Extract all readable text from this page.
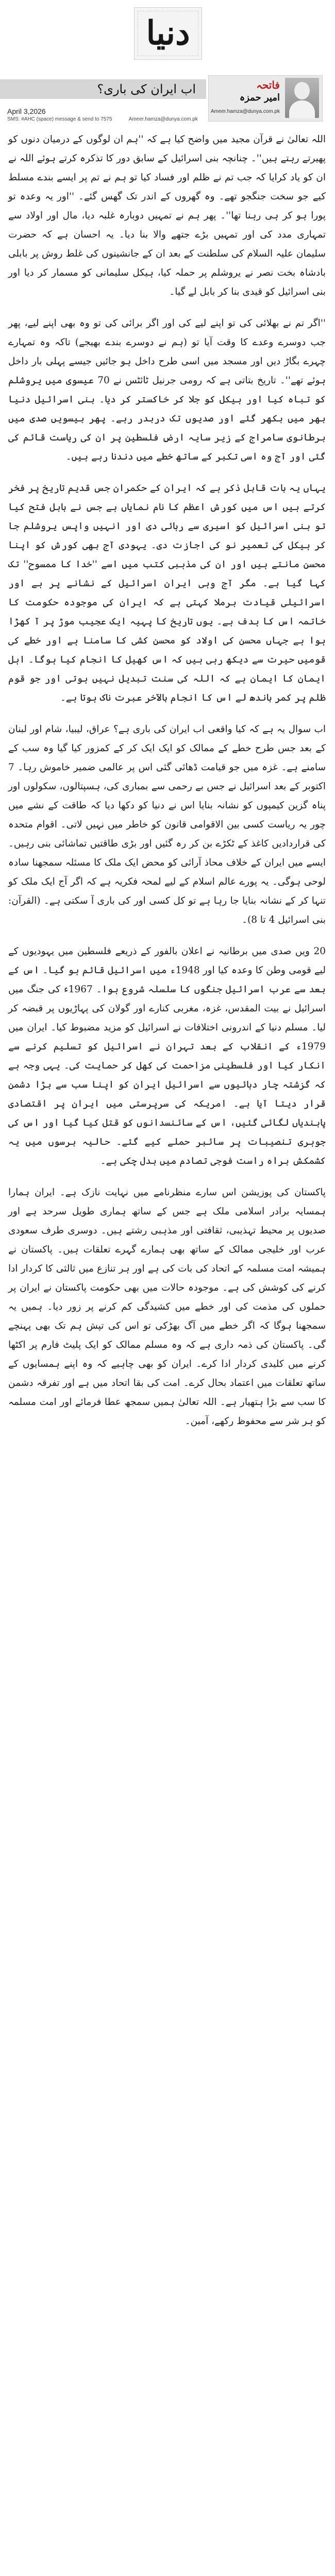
دنیا
اب ایران کی باری؟	فاتحہ
امیر حمزہ
Ameer.hamza@dunya.com.pk
April 3,2026
SMS: #AHC (space) message & send to 7575	Ameer.hamza@dunya.com.pk

اللہ تعالیٰ نے قرآن مجید میں واضح کیا ہے کہ ''ہم ان لوگوں کے درمیان دنوں کو پھیرتے رہتے ہیں''۔ چنانچہ بنی اسرائیل کے سابق دور کا تذکرہ کرتے ہوئے اللہ نے ان کو یاد کرایا کہ جب تم نے ظلم اور فساد کیا تو ہم نے تم پر ایسے بندے مسلط کیے جو سخت جنگجو تھے۔ وہ گھروں کے اندر تک گھس گئے۔ ''اور یہ وعدہ تو پورا ہو کر ہی رہنا تھا''۔ پھر ہم نے تمہیں دوبارہ غلبہ دیا، مال اور اولاد سے تمہاری مدد کی اور تمہیں بڑے جتھے والا بنا دیا۔ یہ احسان ہے کہ حضرت سلیمان علیہ السلام کی سلطنت کے بعد ان کے جانشینوں کی غلط روش پر بابلی بادشاہ بخت نصر نے یروشلم پر حملہ کیا، ہیکل سلیمانی کو مسمار کر دیا اور بنی اسرائیل کو قیدی بنا کر بابل لے گیا۔

''اگر تم نے بھلائی کی تو اپنے لیے کی اور اگر برائی کی تو وہ بھی اپنے لیے، پھر جب دوسرے وعدے کا وقت آیا تو (ہم نے دوسرے بندے بھیجے) تاکہ وہ تمہارے چہرے بگاڑ دیں اور مسجد میں اسی طرح داخل ہو جائیں جیسے پہلی بار داخل ہوئے تھے''۔ تاریخ بتاتی ہے کہ رومی جرنیل ٹائٹس نے 70 عیسوی میں یروشلم کو تباہ کیا اور ہیکل کو جلا کر خاکستر کر دیا۔ بنی اسرائیل دنیا بھر میں بکھر گئے اور صدیوں تک دربدر رہے۔ پھر بیسویں صدی میں برطانوی سامراج کے زیر سایہ ارضِ فلسطین پر ان کی ریاست قائم کی گئی اور آج وہ اسی تکبر کے ساتھ خطے میں دندنا رہے ہیں۔

یہاں یہ بات قابل ذکر ہے کہ ایران کے حکمران جس قدیم تاریخ پر فخر کرتے ہیں اس میں کورش اعظم کا نام نمایاں ہے جس نے بابل فتح کیا تو بنی اسرائیل کو اسیری سے رہائی دی اور انہیں واپس یروشلم جا کر ہیکل کی تعمیر نو کی اجازت دی۔ یہودی آج بھی کورش کو اپنا محسن مانتے ہیں اور ان کی مذہبی کتب میں اسے ''خدا کا ممسوح'' تک کہا گیا ہے۔ مگر آج وہی ایران اسرائیل کے نشانے پر ہے اور اسرائیلی قیادت برملا کہتی ہے کہ ایران کی موجودہ حکومت کا خاتمہ اس کا ہدف ہے۔ یوں تاریخ کا پہیہ ایک عجیب موڑ پر آ کھڑا ہوا ہے جہاں محسن کی اولاد کو محسن کشی کا سامنا ہے اور خطے کی قومیں حیرت سے دیکھ رہی ہیں کہ اس کھیل کا انجام کیا ہوگا۔ اہل ایمان کا ایمان ہے کہ اللہ کی سنت تبدیل نہیں ہوتی اور جو قوم ظلم پر کمر باندھ لے اس کا انجام بالآخر عبرت ناک ہوتا ہے۔

اب سوال یہ ہے کہ کیا واقعی اب ایران کی باری ہے؟ عراق، لیبیا، شام اور لبنان کے بعد جس طرح خطے کے ممالک کو ایک ایک کر کے کمزور کیا گیا وہ سب کے سامنے ہے۔ غزہ میں جو قیامت ڈھائی گئی اس پر عالمی ضمیر خاموش رہا۔ 7 اکتوبر کے بعد اسرائیل نے جس بے رحمی سے بمباری کی، ہسپتالوں، سکولوں اور پناہ گزین کیمپوں کو نشانہ بنایا اس نے دنیا کو دکھا دیا کہ طاقت کے نشے میں چور یہ ریاست کسی بین الاقوامی قانون کو خاطر میں نہیں لاتی۔ اقوام متحدہ کی قراردادیں کاغذ کے ٹکڑے بن کر رہ گئیں اور بڑی طاقتیں تماشائی بنی رہیں۔ ایسے میں ایران کے خلاف محاذ آرائی کو محض ایک ملک کا مسئلہ سمجھنا سادہ لوحی ہوگی۔ یہ پورے عالم اسلام کے لیے لمحہ فکریہ ہے کہ اگر آج ایک ملک کو تنہا کر کے نشانہ بنایا جا رہا ہے تو کل کسی اور کی باری آ سکتی ہے۔ (القرآن: بنی اسرائیل 4 تا 8)۔

20 ویں صدی میں برطانیہ نے اعلان بالفور کے ذریعے فلسطین میں یہودیوں کے لیے قومی وطن کا وعدہ کیا اور 1948ء میں اسرائیل قائم ہو گیا۔ اس کے بعد سے عرب اسرائیل جنگوں کا سلسلہ شروع ہوا۔ 1967ء کی جنگ میں اسرائیل نے بیت المقدس، غزہ، مغربی کنارے اور گولان کی پہاڑیوں پر قبضہ کر لیا۔ مسلم دنیا کے اندرونی اختلافات نے اسرائیل کو مزید مضبوط کیا۔ ایران میں 1979ء کے انقلاب کے بعد تہران نے اسرائیل کو تسلیم کرنے سے انکار کیا اور فلسطینی مزاحمت کی کھل کر حمایت کی۔ یہی وجہ ہے کہ گزشتہ چار دہائیوں سے اسرائیل ایران کو اپنا سب سے بڑا دشمن قرار دیتا آیا ہے۔ امریکہ کی سرپرستی میں ایران پر اقتصادی پابندیاں لگائی گئیں، اس کے سائنسدانوں کو قتل کیا گیا اور اس کی جوہری تنصیبات پر سائبر حملے کیے گئے۔ حالیہ برسوں میں یہ کشمکش براہ راست فوجی تصادم میں بدل چکی ہے۔

پاکستان کی پوزیشن اس سارے منظرنامے میں نہایت نازک ہے۔ ایران ہمارا ہمسایہ برادر اسلامی ملک ہے جس کے ساتھ ہماری طویل سرحد ہے اور صدیوں پر محیط تہذیبی، ثقافتی اور مذہبی رشتے ہیں۔ دوسری طرف سعودی عرب اور خلیجی ممالک کے ساتھ بھی ہمارے گہرے تعلقات ہیں۔ پاکستان نے ہمیشہ امت مسلمہ کے اتحاد کی بات کی ہے اور ہر تنازع میں ثالثی کا کردار ادا کرنے کی کوشش کی ہے۔ موجودہ حالات میں بھی حکومت پاکستان نے ایران پر حملوں کی مذمت کی اور خطے میں کشیدگی کم کرنے پر زور دیا۔ ہمیں یہ سمجھنا ہوگا کہ اگر خطے میں آگ بھڑکی تو اس کی تپش ہم تک بھی پہنچے گی۔ پاکستان کی ذمہ داری ہے کہ وہ مسلم ممالک کو ایک پلیٹ فارم پر اکٹھا کرنے میں کلیدی کردار ادا کرے۔ ایران کو بھی چاہیے کہ وہ اپنے ہمسایوں کے ساتھ تعلقات میں اعتماد بحال کرے۔ امت کی بقا اتحاد میں ہے اور تفرقہ دشمن کا سب سے بڑا ہتھیار ہے۔ اللہ تعالیٰ ہمیں سمجھ عطا فرمائے اور امت مسلمہ کو ہر شر سے محفوظ رکھے، آمین۔
